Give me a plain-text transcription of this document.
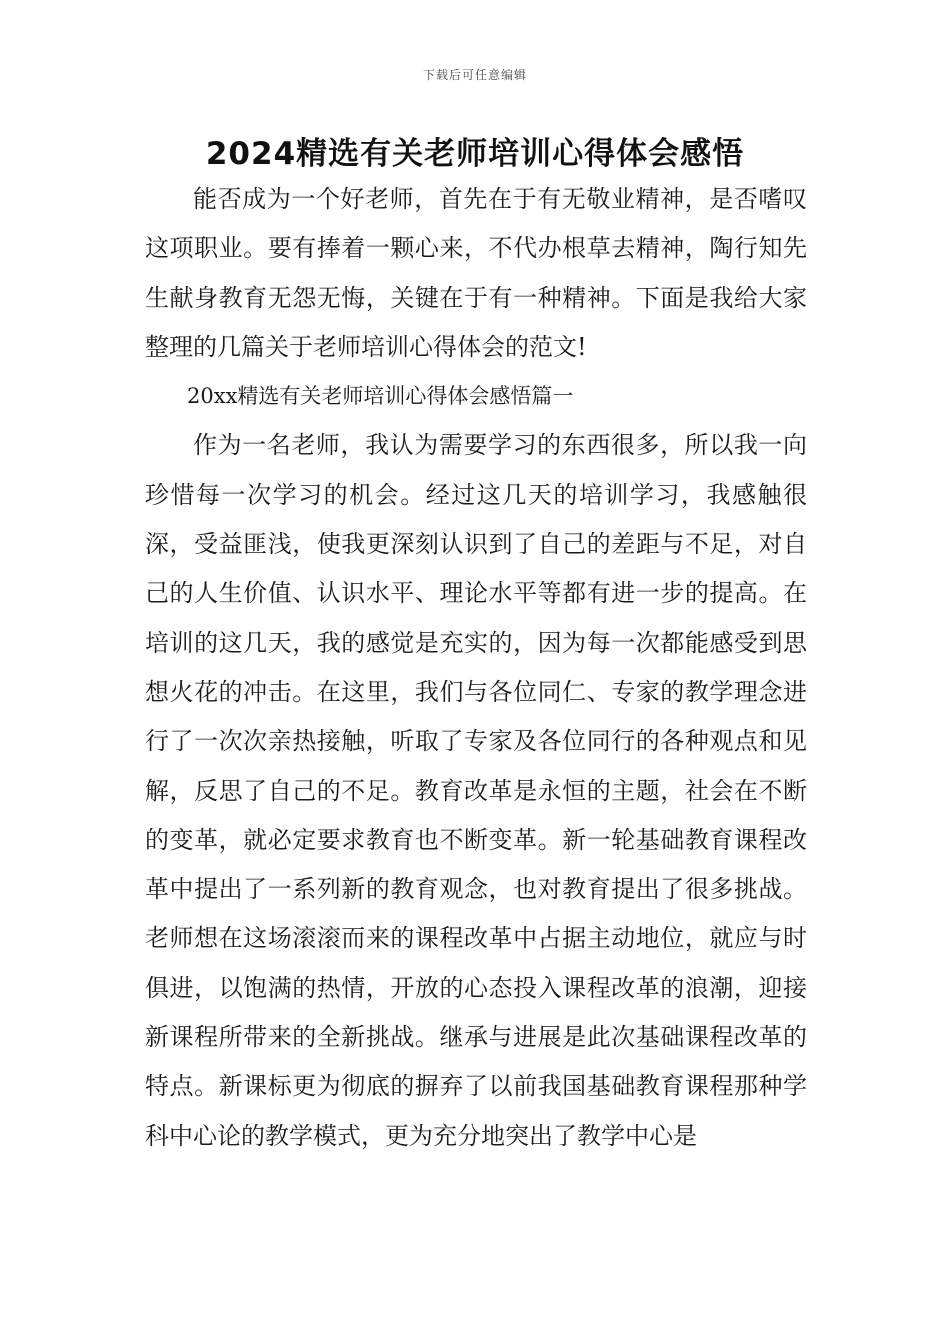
下载后可任意编辑
2024精选有关老师培训心得体会感悟

能否成为一个好老师，首先在于有无敬业精神，是否嗜叹这项职业。要有捧着一颗心来，不代办根草去精神，陶行知先生献身教育无怨无悔，关键在于有一种精神。下面是我给大家整理的几篇关于老师培训心得体会的范文!

20xx精选有关老师培训心得体会感悟篇一

作为一名老师，我认为需要学习的东西很多，所以我一向珍惜每一次学习的机会。经过这几天的培训学习，我感触很深，受益匪浅，使我更深刻认识到了自己的差距与不足，对自己的人生价值、认识水平、理论水平等都有进一步的提高。在培训的这几天，我的感觉是充实的，因为每一次都能感受到思想火花的冲击。在这里，我们与各位同仁、专家的教学理念进行了一次次亲热接触，听取了专家及各位同行的各种观点和见解，反思了自己的不足。教育改革是永恒的主题，社会在不断的变革，就必定要求教育也不断变革。新一轮基础教育课程改革中提出了一系列新的教育观念，也对教育提出了很多挑战。老师想在这场滚滚而来的课程改革中占据主动地位，就应与时俱进，以饱满的热情，开放的心态投入课程改革的浪潮，迎接新课程所带来的全新挑战。继承与进展是此次基础课程改革的特点。新课标更为彻底的摒弃了以前我国基础教育课程那种学科中心论的教学模式，更为充分地突出了教学中心是
